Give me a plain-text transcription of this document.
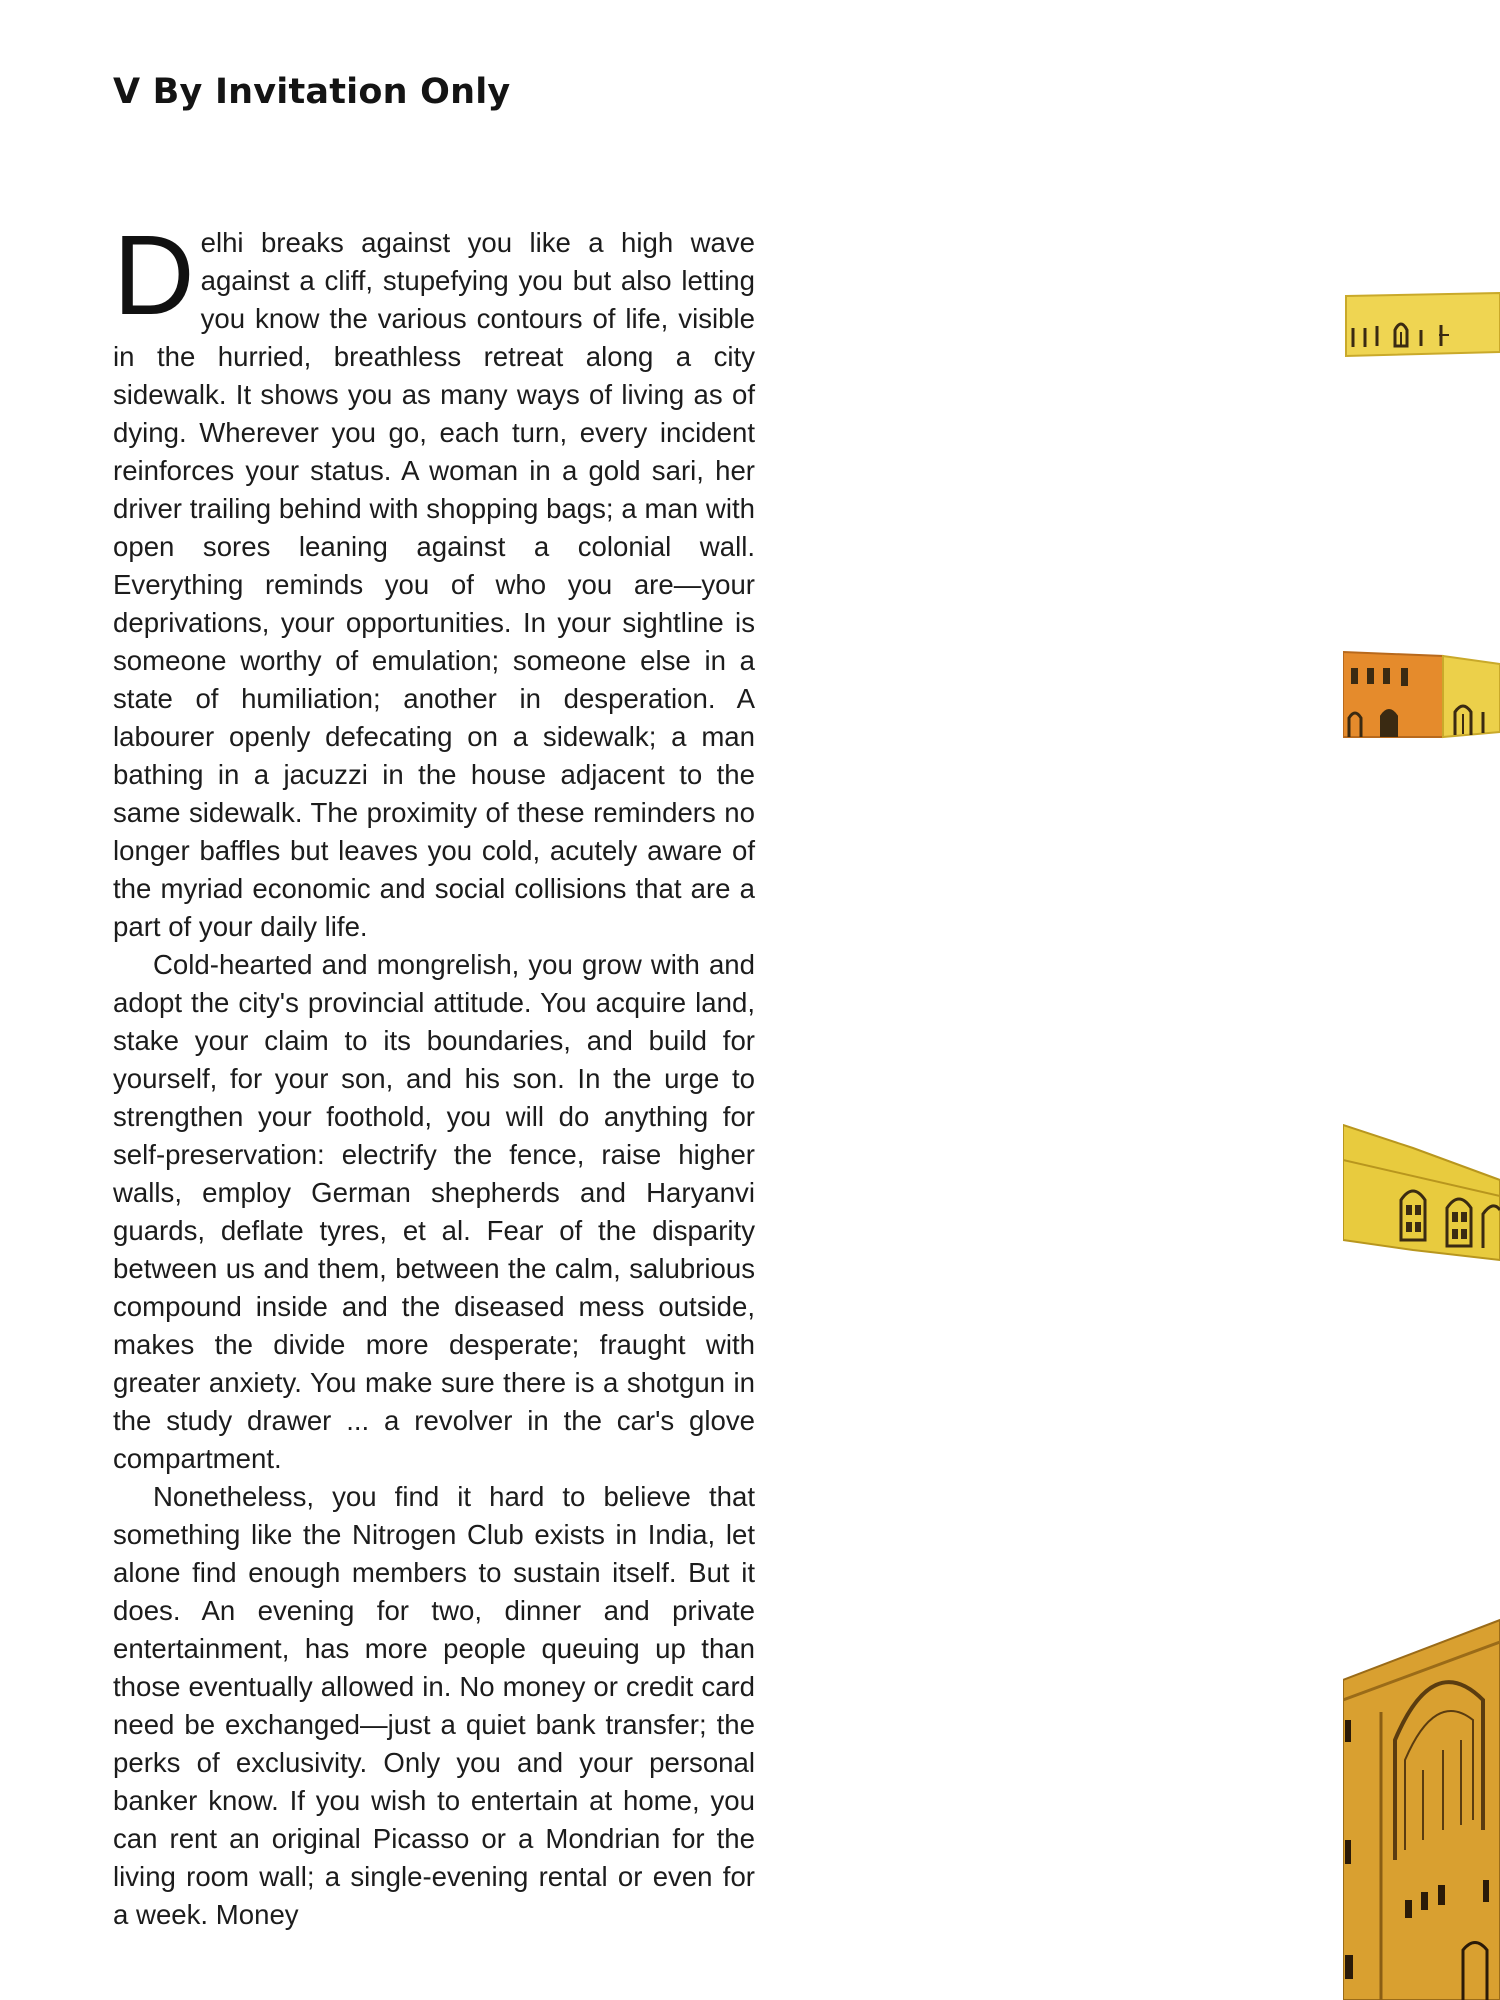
V By Invitation Only

Delhi breaks against you like a high wave against a cliff, stupefying you but also letting you know the various contours of life, visible in the hurried, breathless retreat along a city sidewalk. It shows you as many ways of living as of dying. Wherever you go, each turn, every incident reinforces your status. A woman in a gold sari, her driver trailing behind with shopping bags; a man with open sores leaning against a colonial wall. Everything reminds you of who you are—your deprivations, your opportunities. In your sightline is someone worthy of emulation; someone else in a state of humiliation; another in desperation. A labourer openly defecating on a sidewalk; a man bathing in a jacuzzi in the house adjacent to the same sidewalk. The proximity of these reminders no longer baffles but leaves you cold, acutely aware of the myriad economic and social collisions that are a part of your daily life.

Cold-hearted and mongrelish, you grow with and adopt the city's provincial attitude. You acquire land, stake your claim to its boundaries, and build for yourself, for your son, and his son. In the urge to strengthen your foothold, you will do anything for self-preservation: electrify the fence, raise higher walls, employ German shepherds and Haryanvi guards, deflate tyres, et al. Fear of the disparity between us and them, between the calm, salubrious compound inside and the diseased mess outside, makes the divide more desperate; fraught with greater anxiety. You make sure there is a shotgun in the study drawer ... a revolver in the car's glove compartment.

Nonetheless, you find it hard to believe that something like the Nitrogen Club exists in India, let alone find enough members to sustain itself. But it does. An evening for two, dinner and private entertainment, has more people queuing up than those eventually allowed in. No money or credit card need be exchanged—just a quiet bank transfer; the perks of exclusivity. Only you and your personal banker know. If you wish to entertain at home, you can rent an original Picasso or a Mondrian for the living room wall; a single-evening rental or even for a week. Money
